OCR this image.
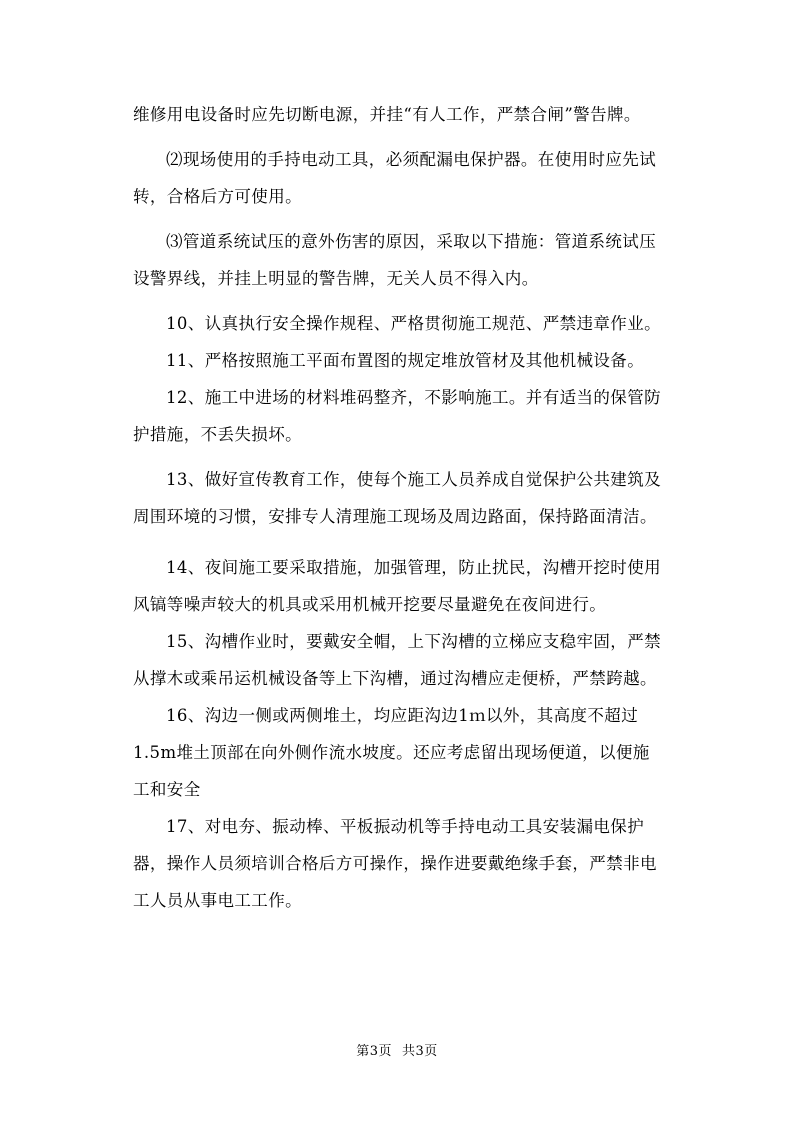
维修用电设备时应先切断电源，并挂“有人工作，严禁合闸”警告牌。

⑵现场使用的手持电动工具，必须配漏电保护器。在使用时应先试转，合格后方可使用。

⑶管道系统试压的意外伤害的原因，采取以下措施：管道系统试压设警界线，并挂上明显的警告牌，无关人员不得入内。

10、认真执行安全操作规程、严格贯彻施工规范、严禁违章作业。

11、严格按照施工平面布置图的规定堆放管材及其他机械设备。

12、施工中进场的材料堆码整齐，不影响施工。并有适当的保管防护措施，不丢失损坏。

13、做好宣传教育工作，使每个施工人员养成自觉保护公共建筑及周围环境的习惯，安排专人清理施工现场及周边路面，保持路面清洁。

14、夜间施工要采取措施，加强管理，防止扰民，沟槽开挖时使用风镐等噪声较大的机具或采用机械开挖要尽量避免在夜间进行。

15、沟槽作业时，要戴安全帽，上下沟槽的立梯应支稳牢固，严禁从撑木或乘吊运机械设备等上下沟槽，通过沟槽应走便桥，严禁跨越。

16、沟边一侧或两侧堆土，均应距沟边1ｍ以外，其高度不超过1.5m堆土顶部在向外侧作流水坡度。还应考虑留出现场便道，以便施工和安全

17、对电夯、振动棒、平板振动机等手持电动工具安装漏电保护器，操作人员须培训合格后方可操作，操作进要戴绝缘手套，严禁非电工人员从事电工工作。

第3页 共3页
